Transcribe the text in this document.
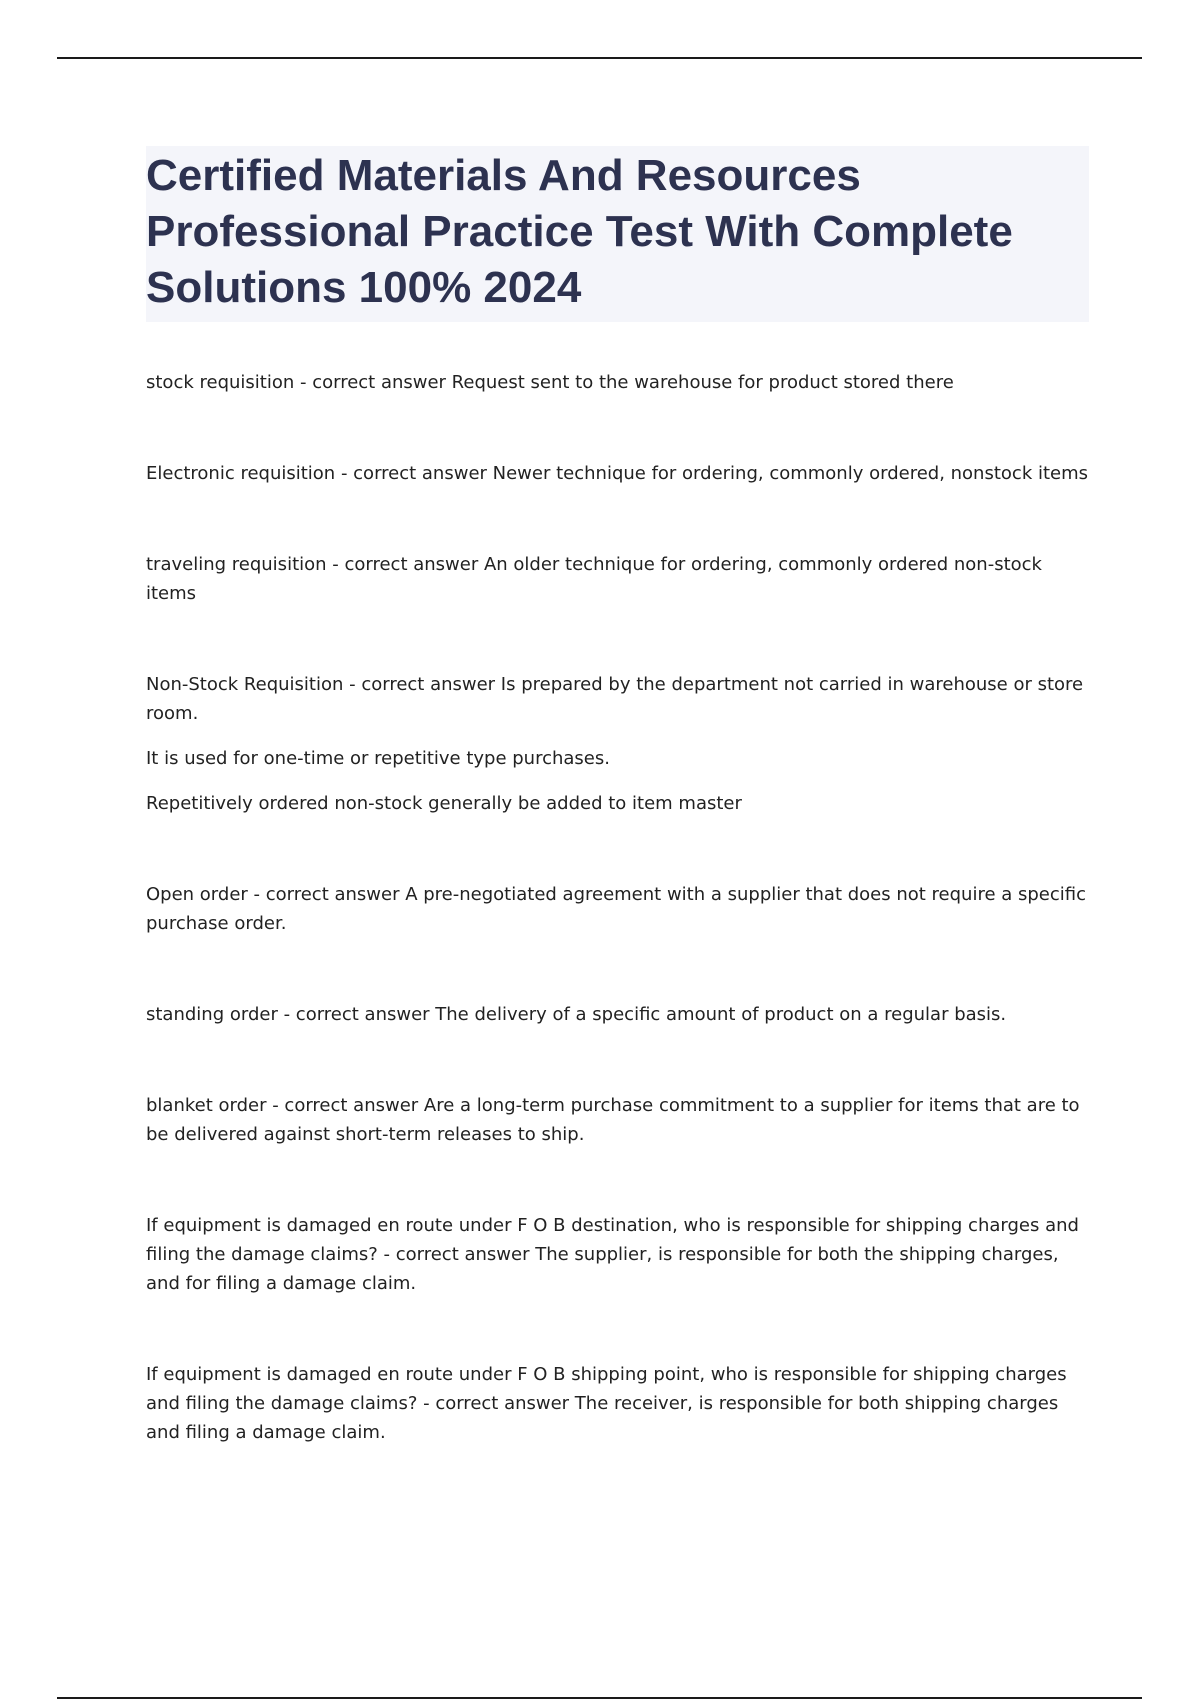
Certified Materials And Resources Professional Practice Test With Complete Solutions 100% 2024

stock requisition - correct answer Request sent to the warehouse for product stored there

Electronic requisition - correct answer Newer technique for ordering, commonly ordered, nonstock items

traveling requisition - correct answer An older technique for ordering, commonly ordered non-stock items

Non-Stock Requisition - correct answer Is prepared by the department not carried in warehouse or store room.

It is used for one-time or repetitive type purchases.

Repetitively ordered non-stock generally be added to item master

Open order - correct answer A pre-negotiated agreement with a supplier that does not require a specific purchase order.

standing order - correct answer The delivery of a specific amount of product on a regular basis.

blanket order - correct answer Are a long-term purchase commitment to a supplier for items that are to be delivered against short-term releases to ship.

If equipment is damaged en route under F O B destination, who is responsible for shipping charges and filing the damage claims? - correct answer The supplier, is responsible for both the shipping charges, and for filing a damage claim.

If equipment is damaged en route under F O B shipping point, who is responsible for shipping charges and filing the damage claims? - correct answer The receiver, is responsible for both shipping charges and filing a damage claim.
